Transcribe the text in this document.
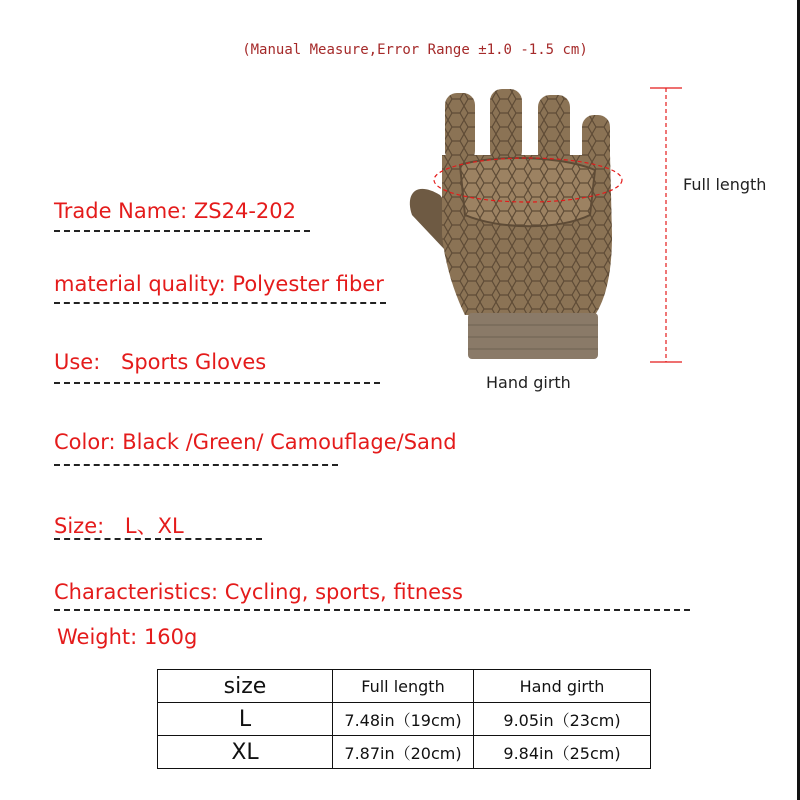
(Manual Measure,Error Range ±1.0 -1.5 cm)
Trade Name: ZS24-202
material quality: Polyester fiber
Use: Sports Gloves
Color: Black /Green/ Camouflage/Sand
Size: L、XL
Characteristics: Cycling, sports, fitness
Weight: 160g
Full length
Hand girth
size	Full length	Hand girth
L	7.48in（19cm)	9.05in（23cm)
XL	7.87in（20cm)	9.84in（25cm)
